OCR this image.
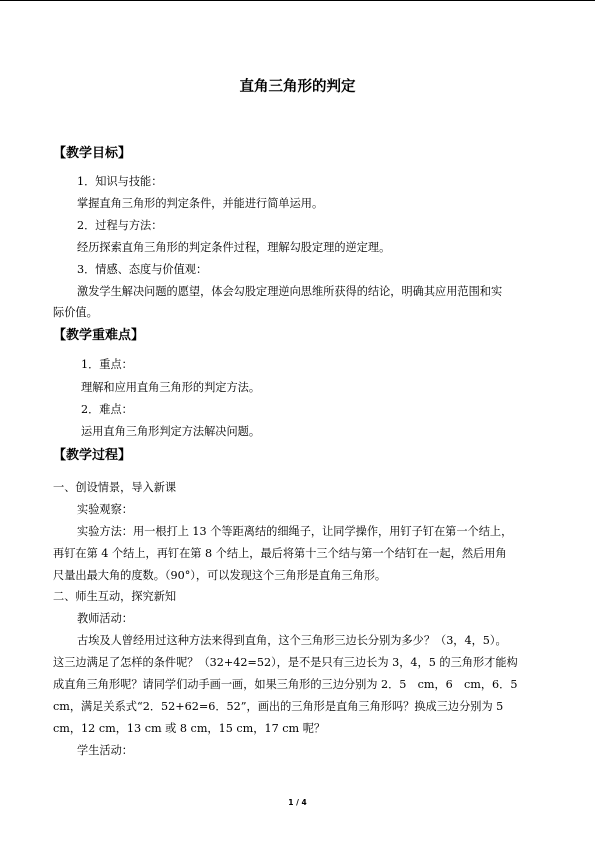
直角三角形的判定
【教学目标】
1．知识与技能：
掌握直角三角形的判定条件，并能进行简单运用。
2．过程与方法：
经历探索直角三角形的判定条件过程，理解勾股定理的逆定理。
3．情感、态度与价值观：
激发学生解决问题的愿望，体会勾股定理逆向思维所获得的结论，明确其应用范围和实
际价值。
【教学重难点】
1．重点：
理解和应用直角三角形的判定方法。
2．难点：
运用直角三角形判定方法解决问题。
【教学过程】
一、创设情景，导入新课
实验观察：
实验方法：用一根打上 13 个等距离结的细绳子，让同学操作，用钉子钉在第一个结上，
再钉在第 4 个结上，再钉在第 8 个结上，最后将第十三个结与第一个结钉在一起，然后用角
尺量出最大角的度数。（90°），可以发现这个三角形是直角三角形。
二、师生互动，探究新知
教师活动：
古埃及人曾经用过这种方法来得到直角，这个三角形三边长分别为多少？（3，4，5）。
这三边满足了怎样的条件呢？（32+42=52），是不是只有三边长为 3，4，5 的三角形才能构
成直角三角形呢？请同学们动手画一画，如果三角形的三边分别为 2．5　cm，6　cm，6．5
cm，满足关系式“2．52+62=6．52”，画出的三角形是直角三角形吗？换成三边分别为 5
cm，12 cm，13 cm 或 8 cm，15 cm，17 cm 呢？
学生活动：
1 / 4
